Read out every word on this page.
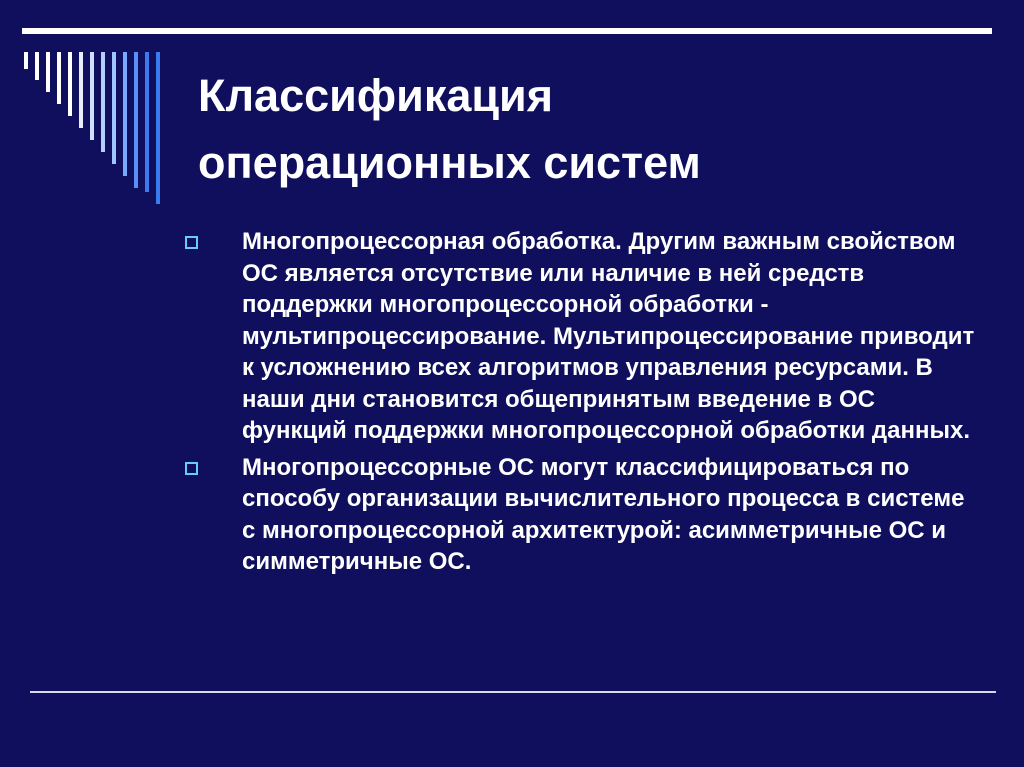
Классификация
операционных систем
Многопроцессорная обработка. Другим важным свойством ОС является отсутствие или наличие в ней средств поддержки многопроцессорной обработки - мультипроцессирование. Мультипроцессирование приводит к усложнению всех алгоритмов управления ресурсами. В наши дни становится общепринятым введение в ОС функций поддержки многопроцессорной обработки данных.
Многопроцессорные ОС могут классифицироваться по способу организации вычислительного процесса в системе с многопроцессорной архитектурой: асимметричные ОС и симметричные ОС.
